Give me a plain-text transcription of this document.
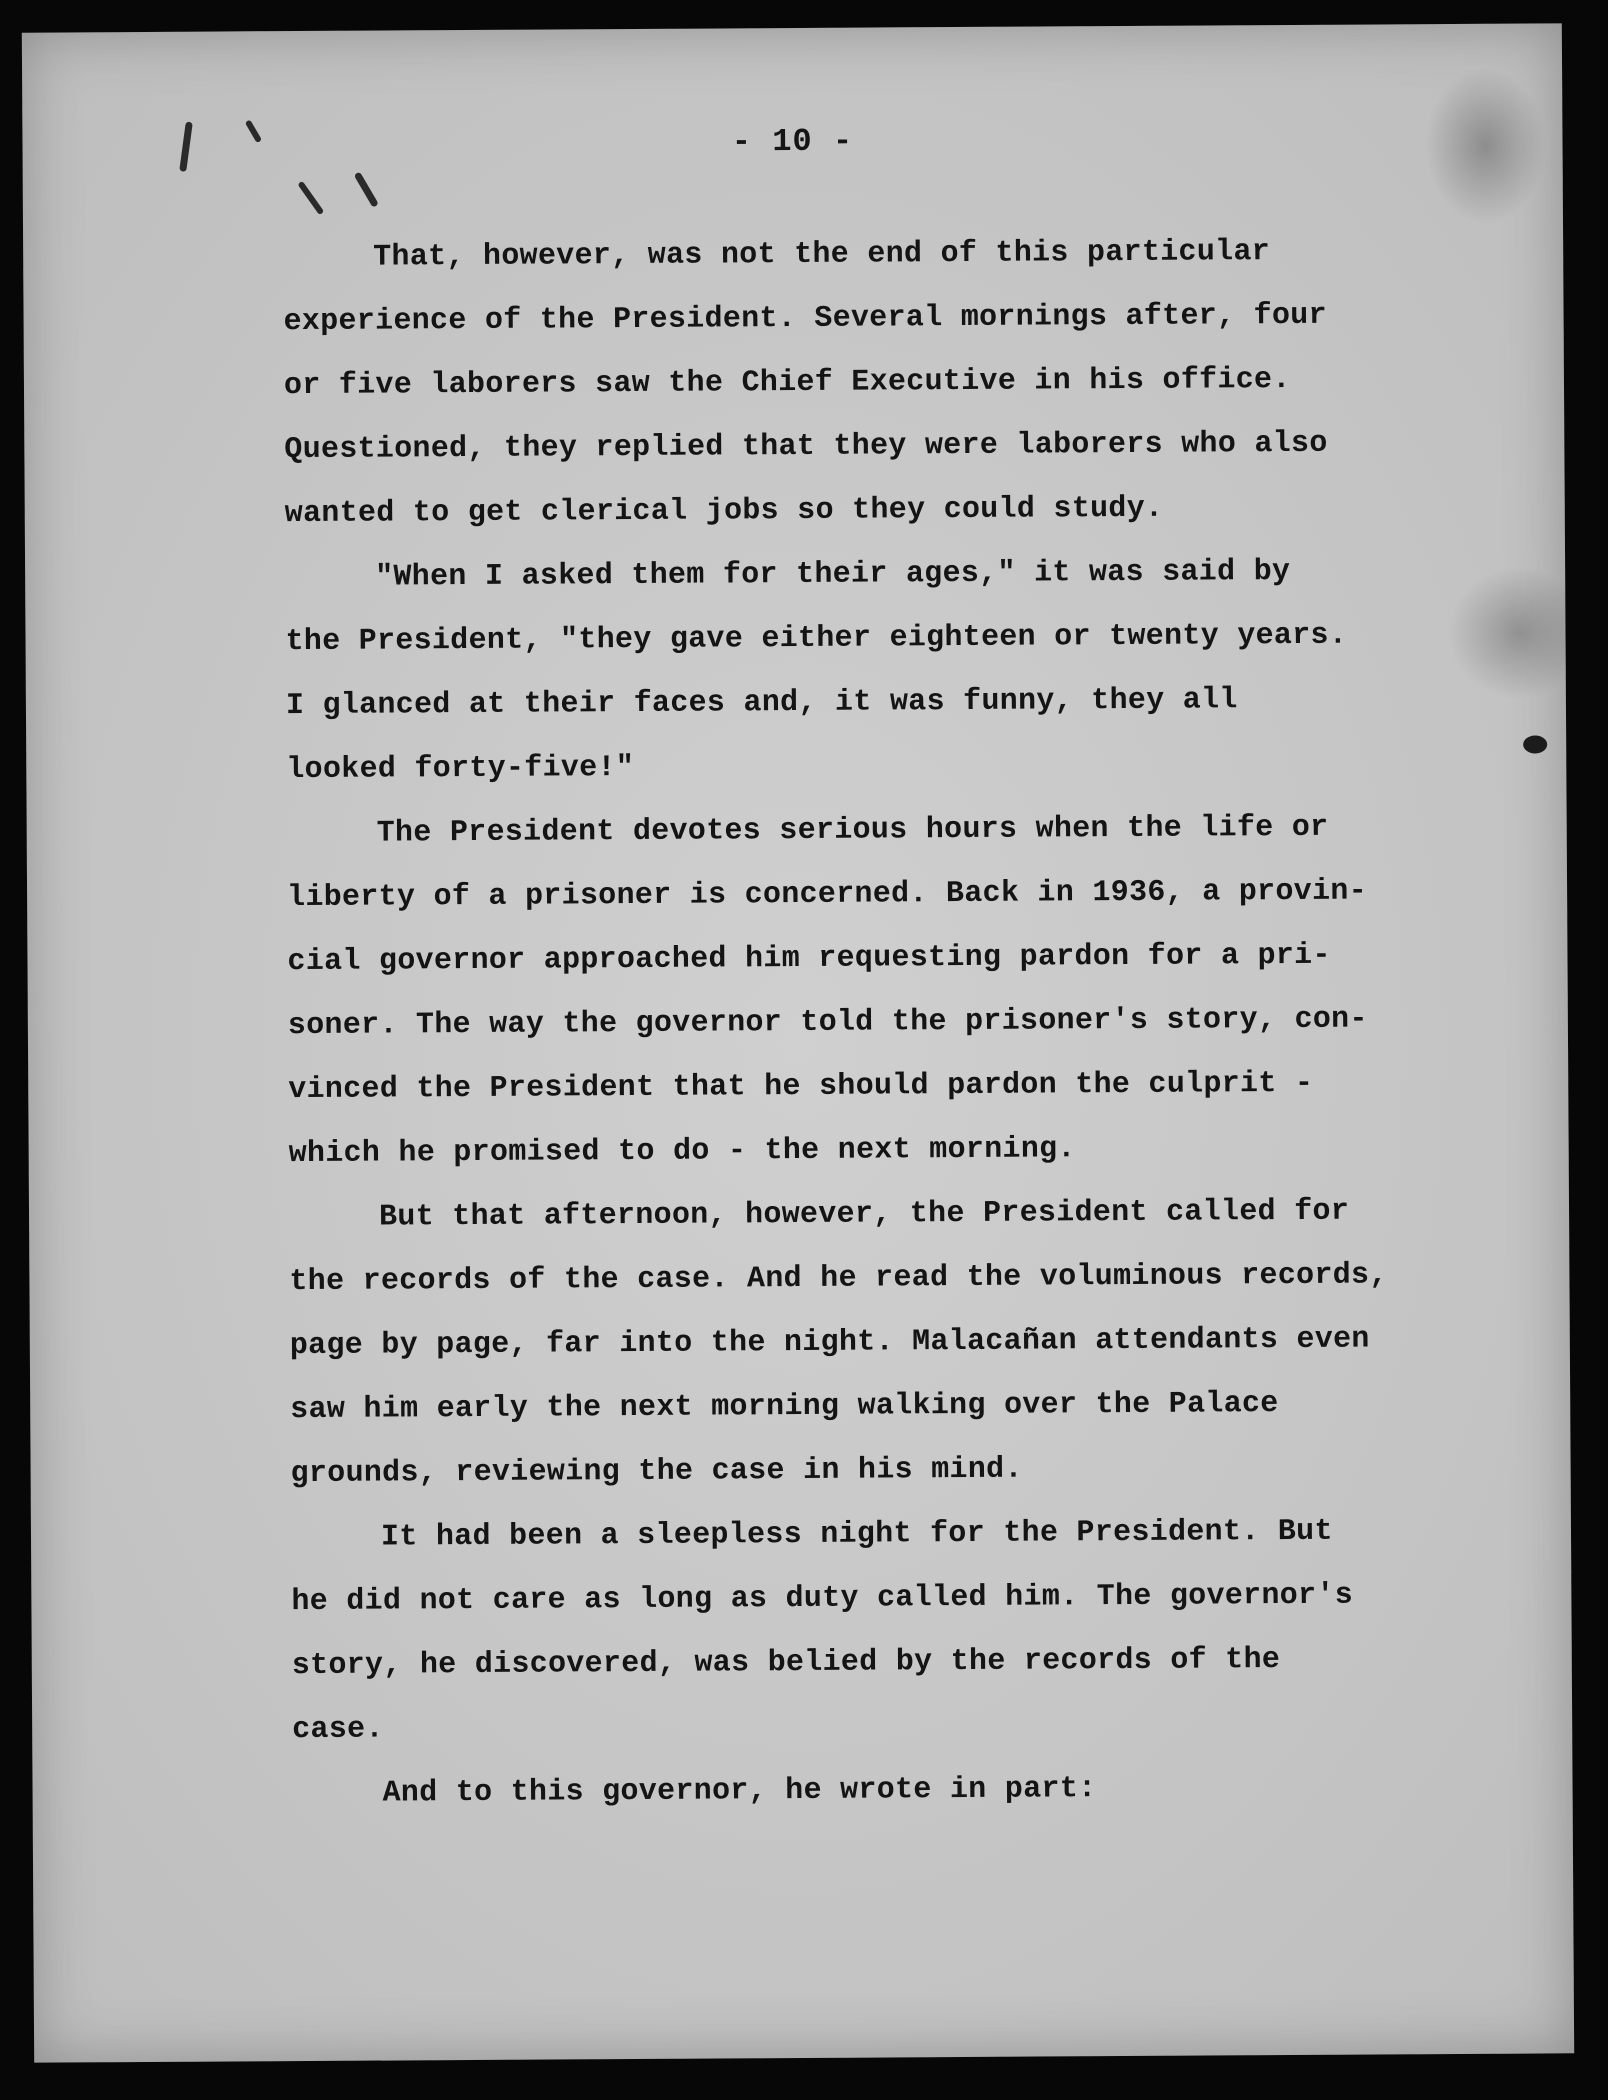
- 10 -

That, however, was not the end of this particular
experience of the President. Several mornings after, four
or five laborers saw the Chief Executive in his office.
Questioned, they replied that they were laborers who also
wanted to get clerical jobs so they could study.

"When I asked them for their ages," it was said by
the President, "they gave either eighteen or twenty years.
I glanced at their faces and, it was funny, they all
looked forty-five!"

The President devotes serious hours when the life or
liberty of a prisoner is concerned. Back in 1936, a provin-
cial governor approached him requesting pardon for a pri-
soner. The way the governor told the prisoner's story, con-
vinced the President that he should pardon the culprit -
which he promised to do - the next morning.

But that afternoon, however, the President called for
the records of the case. And he read the voluminous records,
page by page, far into the night. Malacañan attendants even
saw him early the next morning walking over the Palace
grounds, reviewing the case in his mind.

It had been a sleepless night for the President. But
he did not care as long as duty called him. The governor's
story, he discovered, was belied by the records of the
case.

And to this governor, he wrote in part:
